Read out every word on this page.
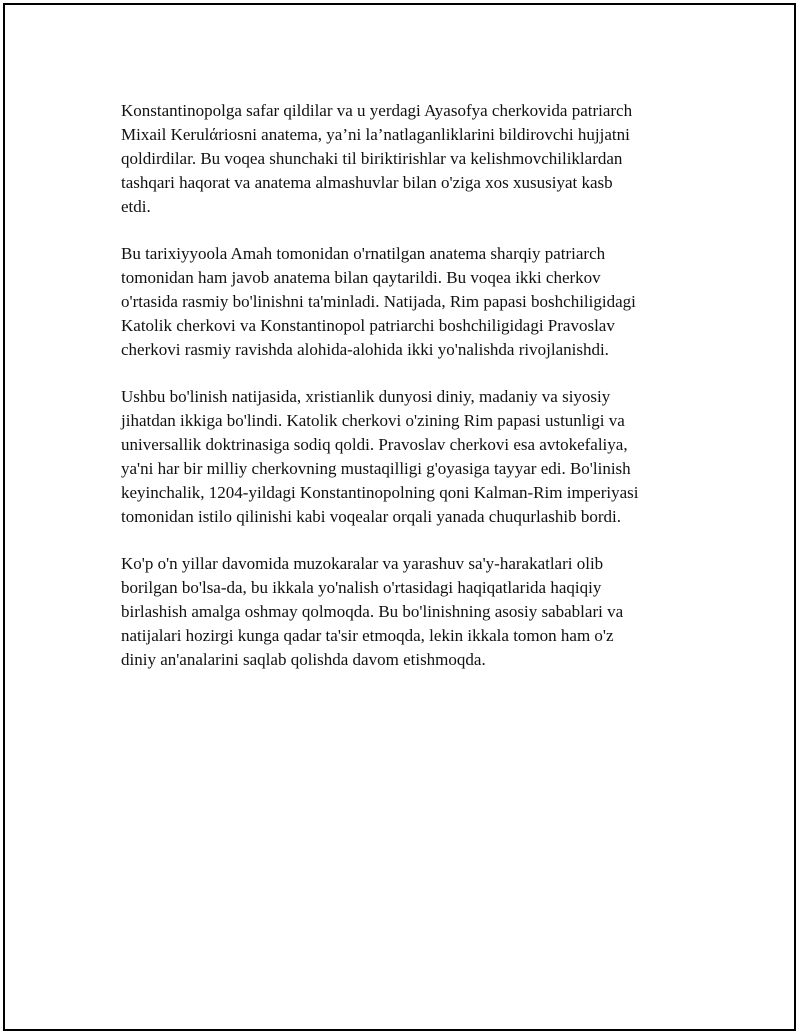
Konstantinopolga safar qildilar va u yerdagi Ayasofya cherkovida patriarch
Mixail Kerulάriosni anatema, ya’ni la’natlaganliklarini bildirovchi hujjatni
qoldirdilar. Bu voqea shunchaki til biriktirishlar va kelishmovchiliklardan
tashqari haqorat va anatema almashuvlar bilan o'ziga xos xususiyat kasb
etdi.

Bu tarixiyyoola Amah tomonidan o'rnatilgan anatema sharqiy patriarch
tomonidan ham javob anatema bilan qaytarildi. Bu voqea ikki cherkov
o'rtasida rasmiy bo'linishni ta'minladi. Natijada, Rim papasi boshchiligidagi
Katolik cherkovi va Konstantinopol patriarchi boshchiligidagi Pravoslav
cherkovi rasmiy ravishda alohida-alohida ikki yo'nalishda rivojlanishdi.

Ushbu bo'linish natijasida, xristianlik dunyosi diniy, madaniy va siyosiy
jihatdan ikkiga bo'lindi. Katolik cherkovi o'zining Rim papasi ustunligi va
universallik doktrinasiga sodiq qoldi. Pravoslav cherkovi esa avtokefaliya,
ya'ni har bir milliy cherkovning mustaqilligi g'oyasiga tayyar edi. Bo'linish
keyinchalik, 1204-yildagi Konstantinopolning qoni Kalman-Rim imperiyasi
tomonidan istilo qilinishi kabi voqealar orqali yanada chuqurlashib bordi.

Ko'p o'n yillar davomida muzokaralar va yarashuv sa'y-harakatlari olib
borilgan bo'lsa-da, bu ikkala yo'nalish o'rtasidagi haqiqatlarida haqiqiy
birlashish amalga oshmay qolmoqda. Bu bo'linishning asosiy sabablari va
natijalari hozirgi kunga qadar ta'sir etmoqda, lekin ikkala tomon ham o'z
diniy an'analarini saqlab qolishda davom etishmoqda.
